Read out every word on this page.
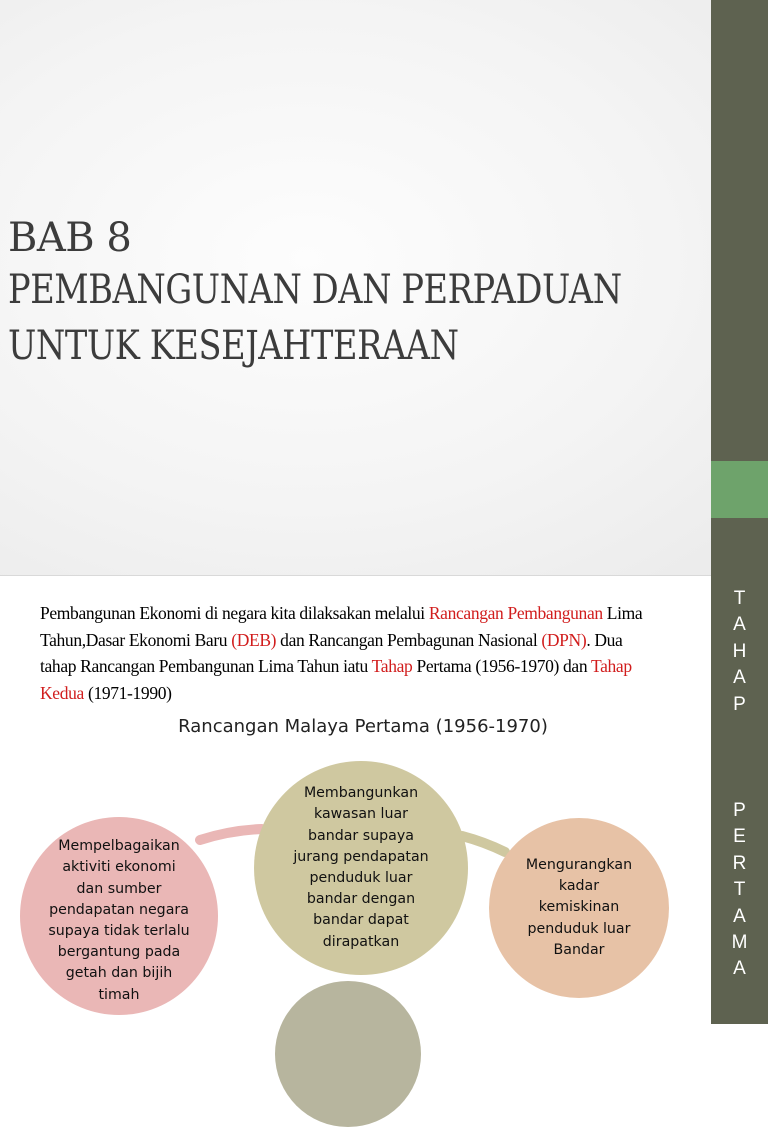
BAB 8
PEMBANGUNAN DAN PERPADUAN
UNTUK KESEJAHTERAAN
T
A
H
A
P
P
E
R
T
A
M
A
Pembangunan Ekonomi di negara kita dilaksakan melalui Rancangan Pembangunan Lima Tahun,Dasar Ekonomi Baru (DEB) dan Rancangan Pembagunan Nasional (DPN). Dua tahap Rancangan Pembangunan Lima Tahun iatu Tahap Pertama (1956-1970) dan Tahap Kedua (1971-1990)
Rancangan Malaya Pertama (1956-1970)
Mempelbagaikan
aktiviti ekonomi
dan sumber
pendapatan negara
supaya tidak terlalu
bergantung pada
getah dan bijih
timah
Membangunkan
kawasan luar
bandar supaya
jurang pendapatan
penduduk luar
bandar dengan
bandar dapat
dirapatkan
Mengurangkan
kadar
kemiskinan
penduduk luar
Bandar
